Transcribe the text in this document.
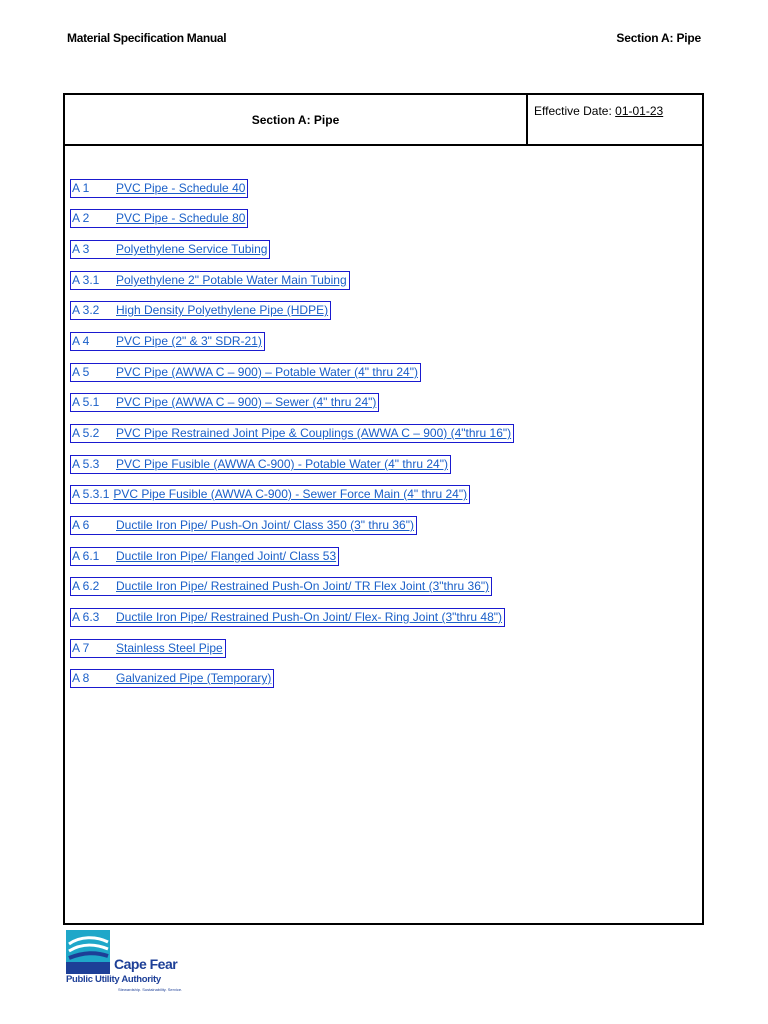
Material Specification Manual	Section A: Pipe
Section A: Pipe
Effective Date: 01-01-23
A 1 PVC Pipe - Schedule 40
A 2 PVC Pipe - Schedule 80
A 3 Polyethylene Service Tubing
A 3.1 Polyethylene 2" Potable Water Main Tubing
A 3.2 High Density Polyethylene Pipe (HDPE)
A 4 PVC Pipe (2" & 3" SDR-21)
A 5 PVC Pipe (AWWA C – 900) – Potable Water (4" thru 24")
A 5.1 PVC Pipe (AWWA C – 900) – Sewer (4" thru 24")
A 5.2 PVC Pipe Restrained Joint Pipe & Couplings (AWWA C – 900) (4"thru 16")
A 5.3 PVC Pipe Fusible (AWWA C-900) - Potable Water (4" thru 24")
A 5.3.1 PVC Pipe Fusible (AWWA C-900) - Sewer Force Main (4" thru 24")
A 6 Ductile Iron Pipe/ Push-On Joint/ Class 350 (3" thru 36")
A 6.1 Ductile Iron Pipe/ Flanged Joint/ Class 53
A 6.2 Ductile Iron Pipe/ Restrained Push-On Joint/ TR Flex Joint (3"thru 36")
A 6.3 Ductile Iron Pipe/ Restrained Push-On Joint/ Flex- Ring Joint (3"thru 48")
A 7 Stainless Steel Pipe
A 8 Galvanized Pipe (Temporary)
Cape Fear
Public Utility Authority
Stewardship. Sustainability. Service.
